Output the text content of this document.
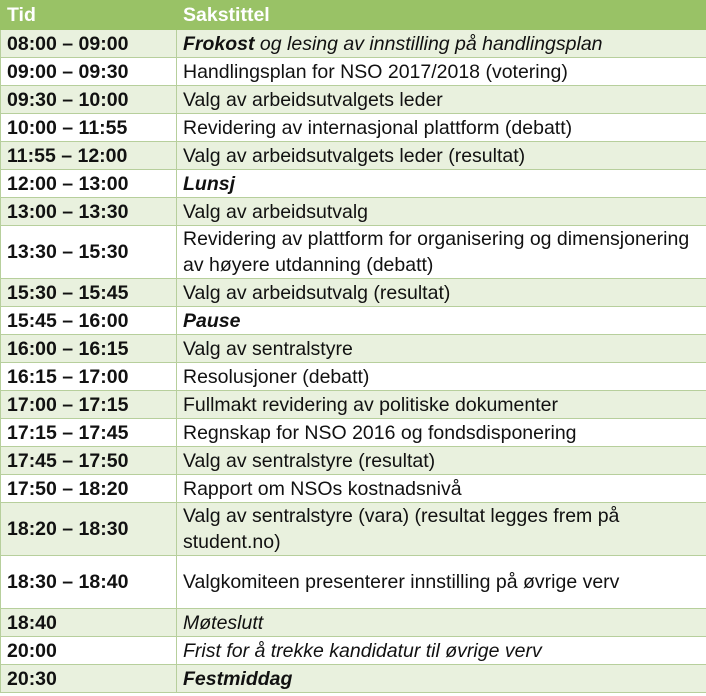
Tid	Sakstittel
08:00 – 09:00	Frokost og lesing av innstilling på handlingsplan
09:00 – 09:30	Handlingsplan for NSO 2017/2018 (votering)
09:30 – 10:00	Valg av arbeidsutvalgets leder
10:00 – 11:55	Revidering av internasjonal plattform (debatt)
11:55 – 12:00	Valg av arbeidsutvalgets leder (resultat)
12:00 – 13:00	Lunsj
13:00 – 13:30	Valg av arbeidsutvalg
13:30 – 15:30	Revidering av plattform for organisering og dimensjonering av høyere utdanning (debatt)
15:30 – 15:45	Valg av arbeidsutvalg (resultat)
15:45 – 16:00	Pause
16:00 – 16:15	Valg av sentralstyre
16:15 – 17:00	Resolusjoner (debatt)
17:00 – 17:15	Fullmakt revidering av politiske dokumenter
17:15 – 17:45	Regnskap for NSO 2016 og fondsdisponering
17:45 – 17:50	Valg av sentralstyre (resultat)
17:50 – 18:20	Rapport om NSOs kostnadsnivå
18:20 – 18:30	Valg av sentralstyre (vara) (resultat legges frem på student.no)
18:30 – 18:40	Valgkomiteen presenterer innstilling på øvrige verv
18:40	Møteslutt
20:00	Frist for å trekke kandidatur til øvrige verv
20:30	Festmiddag
